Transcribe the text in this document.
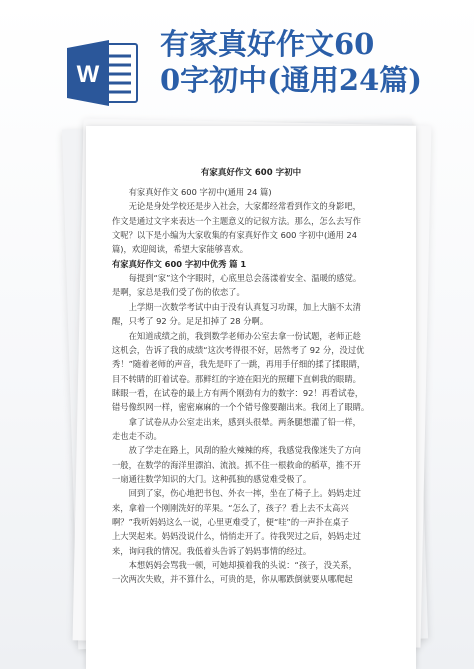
W
有家真好作文60
0字初中(通用24篇)
有家真好作文 600 字初中
有家真好作文 600 字初中(通用 24 篇)
无论是身处学校还是步入社会，大家都经常看到作文的身影吧，
作文是通过文字来表达一个主题意义的记叙方法。那么，怎么去写作
文呢？以下是小编为大家收集的有家真好作文 600 字初中(通用 24
篇)，欢迎阅读，希望大家能够喜欢。
有家真好作文 600 字初中优秀 篇 1
每提到“家”这个字眼时，心底里总会荡漾着安全、温暖的感觉。
是啊，家总是我们受了伤的依恋了。
上学期一次数学考试中由于没有认真复习功课，加上大脑不太清
醒，只考了 92 分。足足扣掉了 28 分啊。
在知道成绩之前，我到数学老师办公室去拿一份试题，老师正趁
这机会，告诉了我的成绩“这次考得很不好，居然考了 92 分，没过优
秀！”随着老师的声音，我先是吓了一跳，再用手仔细的揉了揉眼睛，
目不转睛的盯着试卷。那鲜红的字迹在阳光的照耀下直刺我的眼睛。
眯眼一看，在试卷的最上方有两个刚劲有力的数字：92！再看试卷，
错号像织网一样，密密麻麻的一个个错号像要蹦出来。我闭上了眼睛。
拿了试卷从办公室走出来，感到头很晕。两条腿想灌了铅一样，
走也走不动。
放了学走在路上，风刮的脸火辣辣的疼，我感觉我像迷失了方向
一般，在数学的海洋里漂泊、流浪。抓不住一根救命的稻草，推不开
一扇通往数学知识的大门。这种孤独的感觉难受极了。
回到了家，伤心地把书包、外衣一摔，坐在了椅子上。妈妈走过
来，拿着一个刚刚洗好的苹果。“怎么了，孩子？看上去不太高兴
啊？”我听妈妈这么一说，心里更难受了，便“哇”的一声扑在桌子
上大哭起来。妈妈没说什么，悄悄走开了。待我哭过之后，妈妈走过
来，询问我的情况。我低着头告诉了妈妈事情的经过。
本想妈妈会骂我一顿，可她却摸着我的头说：“孩子，没关系，
一次两次失败，并不算什么，可贵的是，你从哪跌倒就要从哪爬起
